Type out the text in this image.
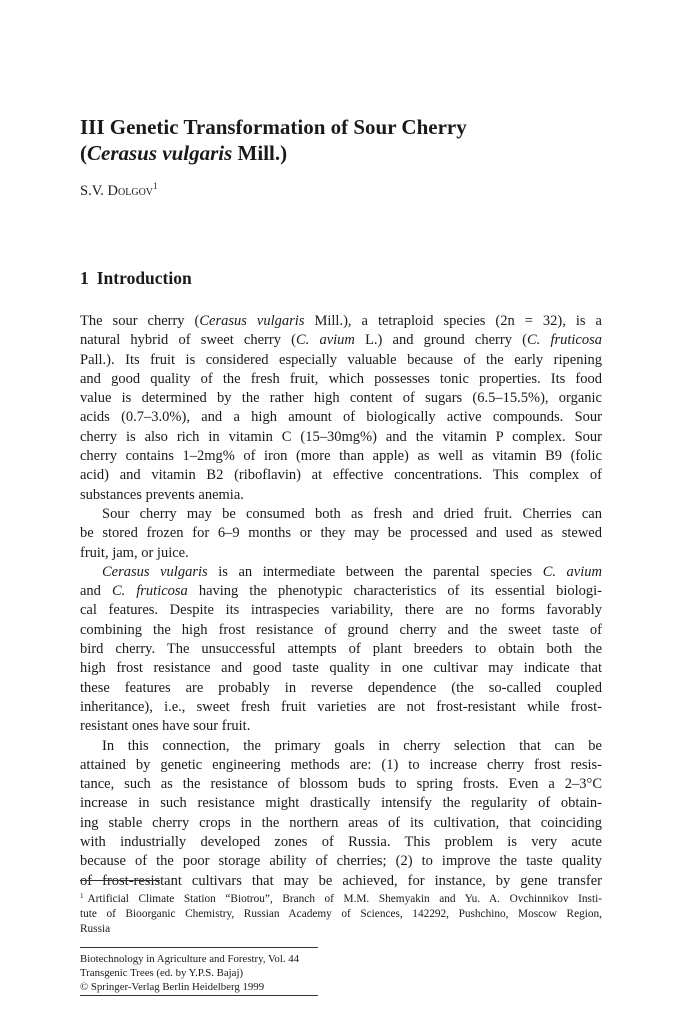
III Genetic Transformation of Sour Cherry
(Cerasus vulgaris Mill.)
S.V. Dolgov$^1$
1 Introduction
The sour cherry (Cerasus vulgaris Mill.), a tetraploid species (2n = 32), is a
natural hybrid of sweet cherry (C. avium L.) and ground cherry (C. fruticosa
Pall.). Its fruit is considered especially valuable because of the early ripening
and good quality of the fresh fruit, which possesses tonic properties. Its food
value is determined by the rather high content of sugars (6.5–15.5%), organic
acids (0.7–3.0%), and a high amount of biologically active compounds. Sour
cherry is also rich in vitamin C (15–30mg%) and the vitamin P complex. Sour
cherry contains 1–2mg% of iron (more than apple) as well as vitamin B9 (folic
acid) and vitamin B2 (riboflavin) at effective concentrations. This complex of
substances prevents anemia.
Sour cherry may be consumed both as fresh and dried fruit. Cherries can
be stored frozen for 6–9 months or they may be processed and used as stewed
fruit, jam, or juice.
Cerasus vulgaris is an intermediate between the parental species C. avium
and C. fruticosa having the phenotypic characteristics of its essential biologi-
cal features. Despite its intraspecies variability, there are no forms favorably
combining the high frost resistance of ground cherry and the sweet taste of
bird cherry. The unsuccessful attempts of plant breeders to obtain both the
high frost resistance and good taste quality in one cultivar may indicate that
these features are probably in reverse dependence (the so-called coupled
inheritance), i.e., sweet fresh fruit varieties are not frost-resistant while frost-
resistant ones have sour fruit.
In this connection, the primary goals in cherry selection that can be
attained by genetic engineering methods are: (1) to increase cherry frost resis-
tance, such as the resistance of blossom buds to spring frosts. Even a 2–3°C
increase in such resistance might drastically intensify the regularity of obtain-
ing stable cherry crops in the northern areas of its cultivation, that coinciding
with industrially developed zones of Russia. This problem is very acute
because of the poor storage ability of cherries; (2) to improve the taste quality
of frost-resistant cultivars that may be achieved, for instance, by gene transfer
$^1$ Artificial Climate Station “Biotrou”, Branch of M.M. Shemyakin and Yu. A. Ovchinnikov Insti-
tute of Bioorganic Chemistry, Russian Academy of Sciences, 142292, Pushchino, Moscow Region,
Russia
Biotechnology in Agriculture and Forestry, Vol. 44
Transgenic Trees (ed. by Y.P.S. Bajaj)
© Springer-Verlag Berlin Heidelberg 1999
